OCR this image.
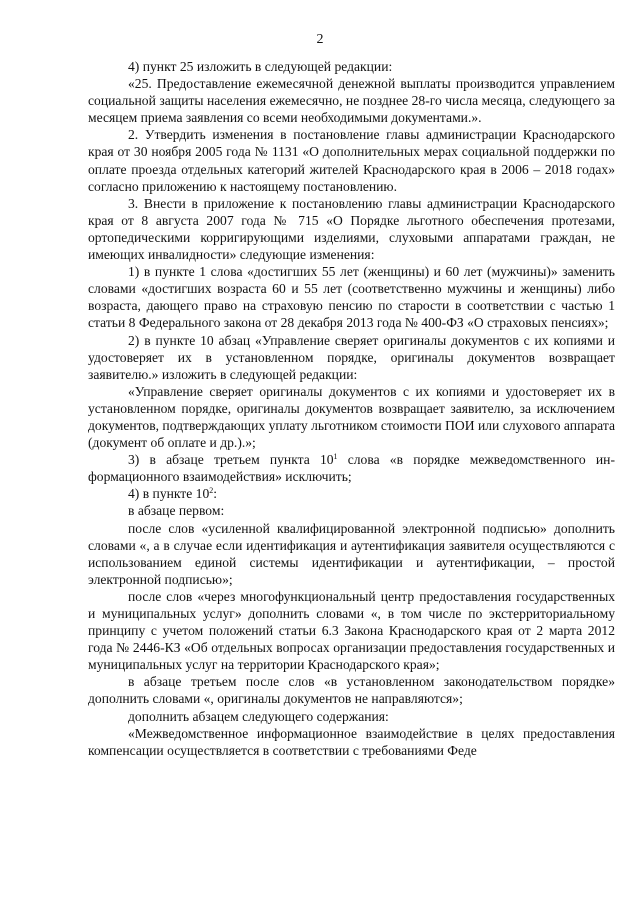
2

4) пункт 25 изложить в следующей редакции:

«25. Предоставление ежемесячной денежной выплаты производится управлением социальной защиты населения ежемесячно, не позднее 28-го числа месяца, следующего за месяцем приема заявления со всеми необходимыми документами.».

2. Утвердить изменения в постановление главы администрации Краснодарского края от 30 ноября 2005 года № 1131 «О дополнительных мерах социальной поддержки по оплате проезда отдельных категорий жителей Краснодарского края в 2006 – 2018 годах» согласно приложению к настоящему постановлению.

3. Внести в приложение к постановлению главы администрации Краснодарского края от 8 августа 2007 года № 715 «О Порядке льготного обеспечения протезами, ортопедическими корригирующими изделиями, слуховыми аппаратами граждан, не имеющих инвалидности» следующие изменения:

1) в пункте 1 слова «достигших 55 лет (женщины) и 60 лет (мужчины)» заменить словами «достигших возраста 60 и 55 лет (соответственно мужчины и женщины) либо возраста, дающего право на страховую пенсию по старости в соответствии с частью 1 статьи 8 Федерального закона от 28 декабря 2013 года № 400-ФЗ «О страховых пенсиях»;

2) в пункте 10 абзац «Управление сверяет оригиналы документов с их копиями и удостоверяет их в установленном порядке, оригиналы документов возвращает заявителю.» изложить в следующей редакции:

«Управление сверяет оригиналы документов с их копиями и удостоверяет их в установленном порядке, оригиналы документов возвращает заявителю, за исключением документов, подтверждающих уплату льготником стоимости ПОИ или слухового аппарата (документ об оплате и др.).»;

3) в абзаце третьем пункта $10^1$ слова «в порядке межведомственного информационного взаимодействия» исключить;

4) в пункте $10^2$:

в абзаце первом:

после слов «усиленной квалифицированной электронной подписью» дополнить словами «, а в случае если идентификация и аутентификация заявителя осуществляются с использованием единой системы идентификации и аутентификации, – простой электронной подписью»;

после слов «через многофункциональный центр предоставления государственных и муниципальных услуг» дополнить словами «, в том числе по экстерриториальному принципу с учетом положений статьи 6.3 Закона Краснодарского края от 2 марта 2012 года № 2446-КЗ «Об отдельных вопросах организации предоставления государственных и муниципальных услуг на территории Краснодарского края»;

в абзаце третьем после слов «в установленном законодательством порядке» дополнить словами «, оригиналы документов не направляются»;

дополнить абзацем следующего содержания:

«Межведомственное информационное взаимодействие в целях предоставления компенсации осуществляется в соответствии с требованиями Феде
